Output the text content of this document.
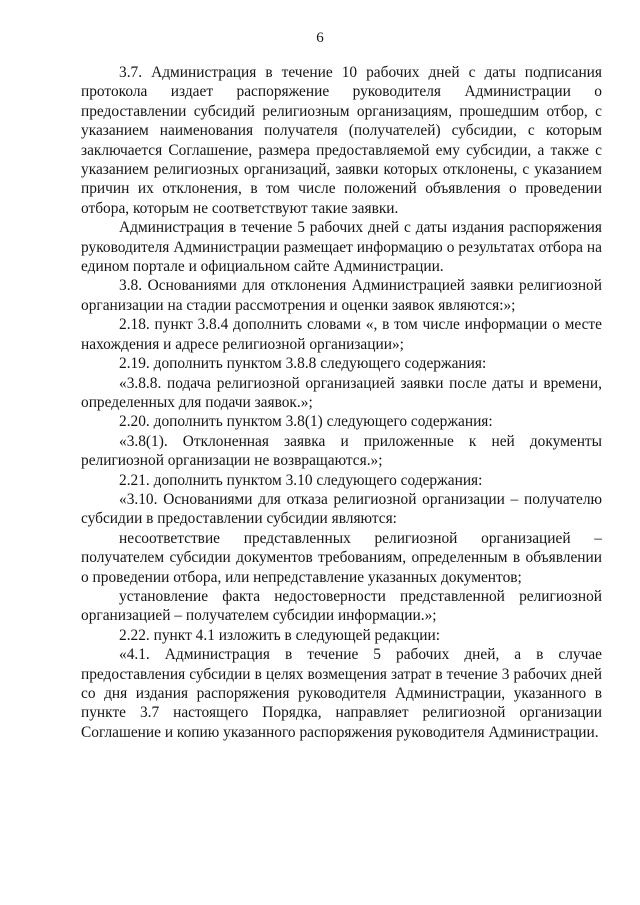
6

3.7. Администрация в течение 10 рабочих дней с даты подписания протокола издает распоряжение руководителя Администрации о предоставлении субсидий религиозным организациям, прошедшим отбор, с указанием наименования получателя (получателей) субсидии, с которым заключается Соглашение, размера предоставляемой ему субсидии, а также с указанием религиозных организаций, заявки которых отклонены, с указанием причин их отклонения, в том числе положений объявления о проведении отбора, которым не соответствуют такие заявки.

Администрация в течение 5 рабочих дней с даты издания распоряжения руководителя Администрации размещает информацию о результатах отбора на едином портале и официальном сайте Администрации.

3.8. Основаниями для отклонения Администрацией заявки религиозной организации на стадии рассмотрения и оценки заявок являются:»;

2.18. пункт 3.8.4 дополнить словами «, в том числе информации о месте нахождения и адресе религиозной организации»;

2.19. дополнить пунктом 3.8.8 следующего содержания:

«3.8.8. подача религиозной организацией заявки после даты и времени, определенных для подачи заявок.»;

2.20. дополнить пунктом 3.8(1) следующего содержания:

«3.8(1). Отклоненная заявка и приложенные к ней документы религиозной организации не возвращаются.»;

2.21. дополнить пунктом 3.10 следующего содержания:

«3.10. Основаниями для отказа религиозной организации – получателю субсидии в предоставлении субсидии являются:

несоответствие представленных религиозной организацией – получателем субсидии документов требованиям, определенным в объявлении о проведении отбора, или непредставление указанных документов;

установление факта недостоверности представленной религиозной организацией – получателем субсидии информации.»;

2.22. пункт 4.1 изложить в следующей редакции:

«4.1. Администрация в течение 5 рабочих дней, а в случае предоставления субсидии в целях возмещения затрат в течение 3 рабочих дней со дня издания распоряжения руководителя Администрации, указанного в пункте 3.7 настоящего Порядка, направляет религиозной организации Соглашение и копию указанного распоряжения руководителя Администрации.
